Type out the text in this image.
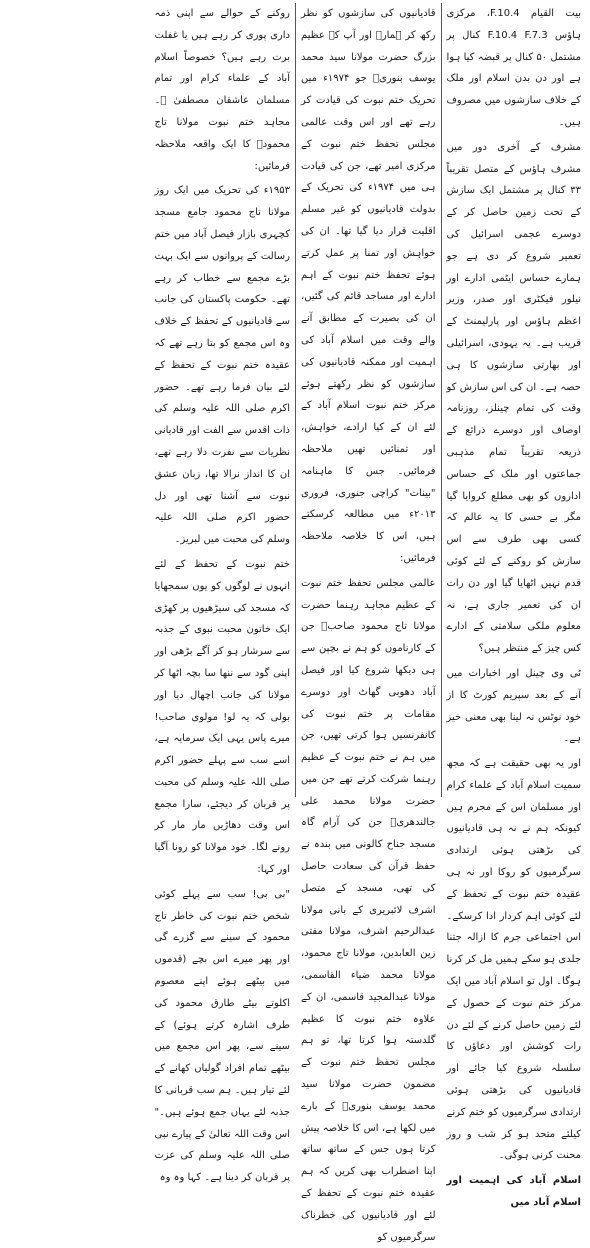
بیت القیام F.10.4، مرکزی ہاؤس F.10.4 F.7.3 کنال پر مشتمل ۵۰ کنال پر قبضہ کیا ہوا ہے اور دن بدن اسلام اور ملک کے خلاف سازشوں میں مصروف ہیں۔

مشرف کے آخری دور میں مشرف ہاؤس کے متصل تقریباً ۳۳ کنال پر مشتمل ایک سازش کے تحت زمین حاصل کر کے دوسرے عجمی اسرائیل کی تعمیر شروع کر دی ہے جو ہمارے حساس ایٹمی ادارے اور نیلور فیکٹری اور صدر، وزیر اعظم ہاؤس اور پارلیمنٹ کے قریب ہے۔ یہ یہودی، اسرائیلی اور بھارتی سازشوں کا ہی حصہ ہے۔ ان کی اس سازش کو وقت کی تمام چینلز، روزنامہ اوصاف اور دوسرے ذرائع کے ذریعہ تقریباً تمام مذہبی جماعتوں اور ملک کے حساس اداروں کو بھی مطلع کروایا گیا مگر بے حسی کا یہ عالم کہ کسی بھی طرف سے اس سازش کو روکنے کے لئے کوئی قدم نہیں اٹھایا گیا اور دن رات ان کی تعمیر جاری ہے، نہ معلوم ملکی سلامتی کے ادارے کس چیز کے منتظر ہیں؟

ٹی وی چینل اور اخبارات میں آنے کے بعد سپریم کورٹ کا از خود نوٹس نہ لینا بھی معنی خیز ہے۔

اور یہ بھی حقیقت ہے کہ مجھ سمیت اسلام آباد کے علماء کرام اور مسلمان اس کے مجرم ہیں کیونکہ ہم نے نہ ہی قادیانیوں کی بڑھتی ہوئی ارتدادی سرگرمیوں کو روکا اور نہ ہی عقیدہ ختم نبوت کے تحفظ کے لئے کوئی اہم کردار ادا کرسکے۔ اس اجتماعی جرم کا ازالہ جتنا جلدی ہو سکے ہمیں مل کر کرنا ہوگا۔ اول تو اسلام آباد میں ایک مرکز ختم نبوت کے حصول کے لئے زمین حاصل کرنے کے لئے دن رات کوشش اور دعاؤں کا سلسلہ شروع کیا جائے اور قادیانیوں کی بڑھتی ہوئی ارتدادی سرگرمیوں کو ختم کرنے کیلئے متحد ہو کر شب و روز محنت کرنی ہوگی۔

اسلام آباد کی اہمیت اور اسلام آباد میں

قادیانیوں کی سازشوں کو نظر رکھ کر ہمارے اور آپ کے عظیم بزرگ حضرت مولانا سید محمد یوسف بنوریؒ جو ۱۹۷۴ء میں تحریک ختم نبوت کی قیادت کر رہے تھے اور اس وقت عالمی مجلس تحفظ ختم نبوت کے مرکزی امیر تھے، جن کی قیادت ہی میں ۱۹۷۴ء کی تحریک کے بدولت قادیانیوں کو غیر مسلم اقلیت قرار دیا گیا تھا۔ ان کی خواہش اور تمنا پر عمل کرتے ہوئے تحفظ ختم نبوت کے اہم ادارے اور مساجد قائم کی گئیں، ان کی بصیرت کے مطابق آنے والے وقت میں اسلام آباد کی اہمیت اور ممکنہ قادیانیوں کی سازشوں کو نظر رکھتے ہوئے مرکز ختم نبوت اسلام آباد کے لئے ان کے کیا ارادے، خواہش، اور تمنائیں تھیں ملاحظہ فرمائیں۔ جس کا ماہنامہ "بینات" کراچی جنوری، فروری ۲۰۱۳ء میں مطالعہ کرسکتے ہیں، اس کا خلاصہ ملاحظہ فرمائیں:

عالمی مجلس تحفظ ختم نبوت کے عظیم مجاہد رہنما حضرت مولانا تاج محمود صاحبؒ جن کے کارناموں کو ہم نے بچپن سے ہی دیکھا شروع کیا اور فیصل آباد دھوبی گھاٹ اور دوسرے مقامات پر ختم نبوت کی کانفرنسیں ہوا کرتی تھیں، جن میں ہم نے ختم نبوت کے عظیم رہنما شرکت کرتے تھے جن میں حضرت مولانا محمد علی جالندھریؒ جن کی آرام گاہ مسجد جناح کالونی میں بندہ نے حفظ قرآن کی سعادت حاصل کی تھی، مسجد کے متصل اشرف لائبریری کے بانی مولانا عبدالرحیم اشرف، مولانا مفتی زین العابدین، مولانا تاج محمود، مولانا محمد ضیاء القاسمی، مولانا عبدالمجید قاسمی، ان کے علاوہ ختم نبوت کا عظیم گلدستہ ہوا کرتا تھا، تو ہم مجلس تحفظ ختم نبوت کے مضمون حضرت مولانا سید محمد یوسف بنوریؒ کے بارے میں لکھا ہے، اس کا خلاصہ پیش کرتا ہوں جس کے ساتھ ساتھ اپنا اضطراب بھی کریں کہ ہم عقیدہ ختم نبوت کے تحفظ کے لئے اور قادیانیوں کی خطرناک سرگرمیوں کو

روکنے کے حوالے سے اپنی ذمہ داری پوری کر رہے ہیں یا غفلت برت رہے ہیں؟ خصوصاً اسلام آباد کے علماء کرام اور تمام مسلمان عاشقان مصطفیٰ ﷺ۔ مجاہد ختم نبوت مولانا تاج محمودؒ کا ایک واقعہ ملاحظہ فرمائیں:

۱۹۵۳ء کی تحریک میں ایک روز مولانا تاج محمود جامع مسجد کچہری بازار فیصل آباد میں ختم رسالت کے پروانوں سے ایک بہت بڑے مجمع سے خطاب کر رہے تھے۔ حکومت پاکستان کی جانب سے قادیانیوں کے تحفظ کے خلاف وہ اس مجمع کو بتا رہے تھے کہ عقیدہ ختم نبوت کے تحفظ کے لئے بیان فرما رہے تھے۔ حضور اکرم صلی اللہ علیہ وسلم کی ذات اقدس سے الفت اور قادیانی نظریات سے نفرت دلا رہے تھے، ان کا انداز نرالا تھا، زبان عشق نبوت سے آشنا تھی اور دل حضور اکرم صلی اللہ علیہ وسلم کی محبت میں لبریز۔

ختم نبوت کے تحفظ کے لئے انہوں نے لوگوں کو یوں سمجھایا کہ مسجد کی سیڑھیوں پر کھڑی ایک خاتون محبت نبوی کے جذبہ سے سرشار ہو کر آگے بڑھی اور اپنی گود سے ننھا سا بچہ اٹھا کر مولانا کی جانب اچھال دیا اور بولی کہ یہ لو! مولوی صاحب! میرے پاس یہی ایک سرمایہ ہے، اسے سب سے پہلے حضور اکرم صلی اللہ علیہ وسلم کی محبت پر قربان کر دیجئے، سارا مجمع اس وقت دھاڑیں مار مار کر رونے لگا۔ خود مولانا کو رونا آگیا اور کہا:

"بی بی! سب سے پہلے کوئی شخص ختم نبوت کی خاطر تاج محمود کے سینے سے گزرے گی اور پھر میرے اس بچے (قدموں میں بیٹھے ہوئے اپنے معصوم اکلوتے بیٹے طارق محمود کی طرف اشارہ کرتے ہوئے) کے سینے سے، پھر اس مجمع میں بیٹھے تمام افراد گولیاں کھانے کے لئے تیار ہیں۔ ہم سب قربانی کا جذبہ لئے یہاں جمع ہوئے ہیں۔" اس وقت اللہ تعالیٰ کے پیارے نبی صلی اللہ علیہ وسلم کی عزت پر قربان کر دینا ہے۔ کہا وہ وہ
